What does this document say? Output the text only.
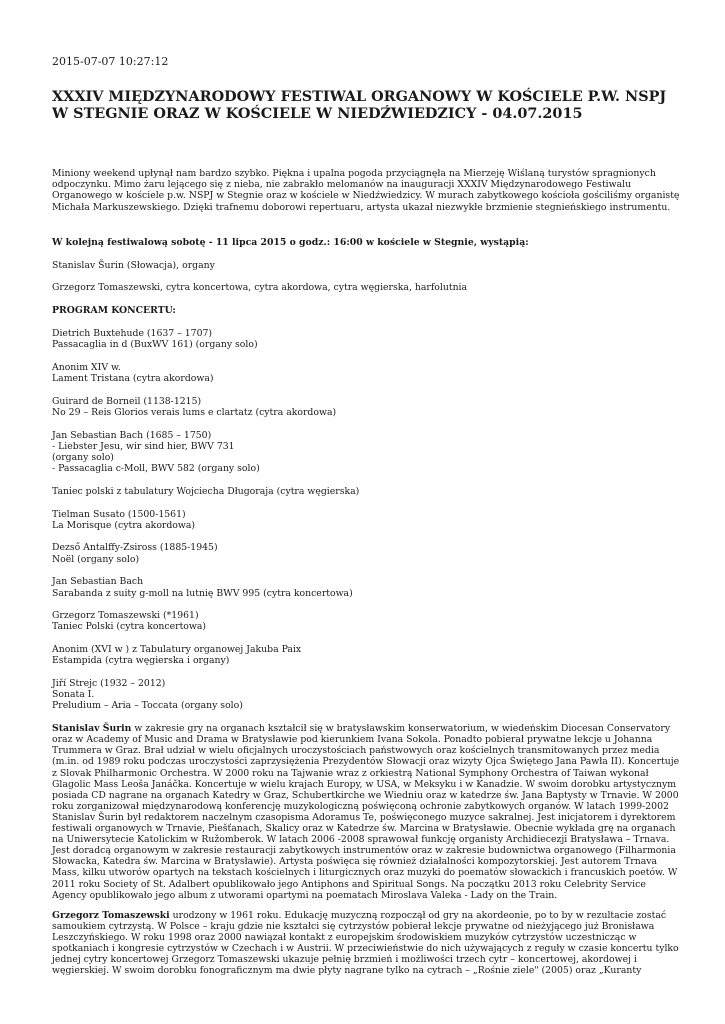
2015-07-07 10:27:12
XXXIV MIĘDZYNARODOWY FESTIWAL ORGANOWY W KOŚCIELE P.W. NSPJ W STEGNIE ORAZ W KOŚCIELE W NIEDŹWIEDZICY - 04.07.2015

Miniony weekend upłynął nam bardzo szybko. Piękna i upalna pogoda przyciągnęła na Mierzeję Wiślaną turystów spragnionych odpoczynku. Mimo żaru lejącego się z nieba, nie zabrakło melomanów na inauguracji XXXIV Międzynarodowego Festiwalu Organowego w kościele p.w. NSPJ w Stegnie oraz w kościele w Niedźwiedzicy. W murach zabytkowego kościoła gościliśmy organistę Michała Markuszewskiego. Dzięki trafnemu doborowi repertuaru, artysta ukazał niezwykłe brzmienie stegnieńskiego instrumentu.

W kolejną festiwalową sobotę - 11 lipca 2015 o godz.: 16:00 w kościele w Stegnie, wystąpią:

Stanislav Šurin (Słowacja), organy

Grzegorz Tomaszewski, cytra koncertowa, cytra akordowa, cytra węgierska, harfolutnia

PROGRAM KONCERTU:

Dietrich Buxtehude (1637 – 1707)
Passacaglia in d (BuxWV 161) (organy solo)

Anonim XIV w.
Lament Tristana (cytra akordowa)

Guirard de Borneil (1138-1215)
No 29 – Reis Glorios verais lums e clartatz (cytra akordowa)

Jan Sebastian Bach (1685 – 1750)
- Liebster Jesu, wir sind hier, BWV 731
(organy solo)
- Passacaglia c-Moll, BWV 582 (organy solo)

Taniec polski z tabulatury Wojciecha Długoraja (cytra węgierska)

Tielman Susato (1500-1561)
La Morisque (cytra akordowa)

Dezső Antalffy-Zsiross (1885-1945)
Noël (organy solo)

Jan Sebastian Bach
Sarabanda z suity g-moll na lutnię BWV 995 (cytra koncertowa)

Grzegorz Tomaszewski (*1961)
Taniec Polski (cytra koncertowa)

Anonim (XVI w ) z Tabulatury organowej Jakuba Paix
Estampida (cytra węgierska i organy)

Jiří Strejc (1932 – 2012)
Sonata I.
Preludium – Aria – Toccata (organy solo)

Stanislav Šurin w zakresie gry na organach kształcił się w bratysławskim konserwatorium, w wiedeńskim Diocesan Conservatory oraz w Academy of Music and Drama w Bratysławie pod kierunkiem Ivana Sokola. Ponadto pobierał prywatne lekcje u Johanna Trummera w Graz. Brał udział w wielu oficjalnych uroczystościach państwowych oraz kościelnych transmitowanych przez media (m.in. od 1989 roku podczas uroczystości zaprzysiężenia Prezydentów Słowacji oraz wizyty Ojca Świętego Jana Pawła II). Koncertuje z Slovak Philharmonic Orchestra. W 2000 roku na Tajwanie wraz z orkiestrą National Symphony Orchestra of Taiwan wykonał Glagolic Mass Leoša Janáčka. Koncertuje w wielu krajach Europy, w USA, w Meksyku i w Kanadzie. W swoim dorobku artystycznym posiada CD nagrane na organach Katedry w Graz, Schubertkirche we Wiedniu oraz w katedrze św. Jana Baptysty w Trnavie. W 2000 roku zorganizował międzynarodową konferencję muzykologiczną poświęconą ochronie zabytkowych organów. W latach 1999-2002 Stanislav Šurin był redaktorem naczelnym czasopisma Adoramus Te, poświęconego muzyce sakralnej. Jest inicjatorem i dyrektorem festiwali organowych w Trnavie, Piešťanach, Skalicy oraz w Katedrze św. Marcina w Bratysławie. Obecnie wykłada grę na organach na Uniwersytecie Katolickim w Ružomberok. W latach 2006 -2008 sprawował funkcję organisty Archidiecezji Bratysława – Trnava. Jest doradcą organowym w zakresie restauracji zabytkowych instrumentów oraz w zakresie budownictwa organowego (Filharmonia Słowacka, Katedra św. Marcina w Bratysławie). Artysta poświęca się również działalności kompozytorskiej. Jest autorem Trnava Mass, kilku utworów opartych na tekstach kościelnych i liturgicznych oraz muzyki do poematów słowackich i francuskich poetów. W 2011 roku Society of St. Adalbert opublikowało jego Antiphons and Spiritual Songs. Na początku 2013 roku Celebrity Service Agency opublikowało jego album z utworami opartymi na poematach Miroslava Valeka - Lady on the Train.

Grzegorz Tomaszewski urodzony w 1961 roku. Edukację muzyczną rozpoczął od gry na akordeonie, po to by w rezultacie zostać samoukiem cytrzystą. W Polsce – kraju gdzie nie kształci się cytrzystów pobierał lekcje prywatne od nieżyjącego już Bronisława Leszczyńskiego. W roku 1998 oraz 2000 nawiązał kontakt z europejskim środowiskiem muzyków cytrzystów uczestnicząc w spotkaniach i kongresie cytrzystów w Czechach i w Austrii. W przeciwieństwie do nich używających z reguły w czasie koncertu tylko jednej cytry koncertowej Grzegorz Tomaszewski ukazuje pełnię brzmień i możliwości trzech cytr – koncertowej, akordowej i węgierskiej. W swoim dorobku fonograficznym ma dwie płyty nagrane tylko na cytrach – „Rośnie ziele" (2005) oraz „Kuranty
